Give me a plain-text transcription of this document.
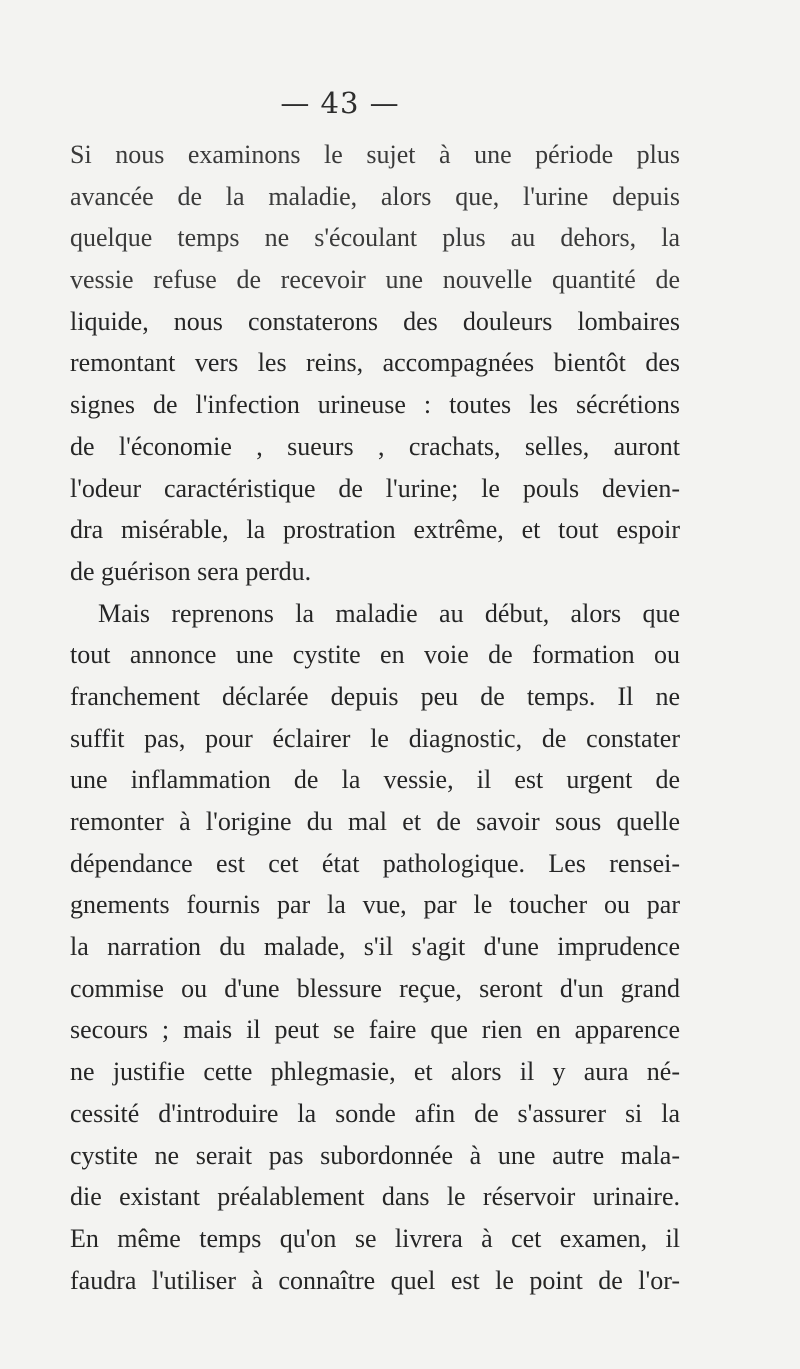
— 43 —
Si nous examinons le sujet à une période plus
avancée de la maladie, alors que, l'urine depuis
quelque temps ne s'écoulant plus au dehors, la
vessie refuse de recevoir une nouvelle quantité de
liquide, nous constaterons des douleurs lombaires
remontant vers les reins, accompagnées bientôt des
signes de l'infection urineuse : toutes les sécrétions
de l'économie , sueurs , crachats, selles, auront
l'odeur caractéristique de l'urine; le pouls devien-
dra misérable, la prostration extrême, et tout espoir
de guérison sera perdu.
Mais reprenons la maladie au début, alors que
tout annonce une cystite en voie de formation ou
franchement déclarée depuis peu de temps. Il ne
suffit pas, pour éclairer le diagnostic, de constater
une inflammation de la vessie, il est urgent de
remonter à l'origine du mal et de savoir sous quelle
dépendance est cet état pathologique. Les rensei-
gnements fournis par la vue, par le toucher ou par
la narration du malade, s'il s'agit d'une imprudence
commise ou d'une blessure reçue, seront d'un grand
secours ; mais il peut se faire que rien en apparence
ne justifie cette phlegmasie, et alors il y aura né-
cessité d'introduire la sonde afin de s'assurer si la
cystite ne serait pas subordonnée à une autre mala-
die existant préalablement dans le réservoir urinaire.
En même temps qu'on se livrera à cet examen, il
faudra l'utiliser à connaître quel est le point de l'or-
